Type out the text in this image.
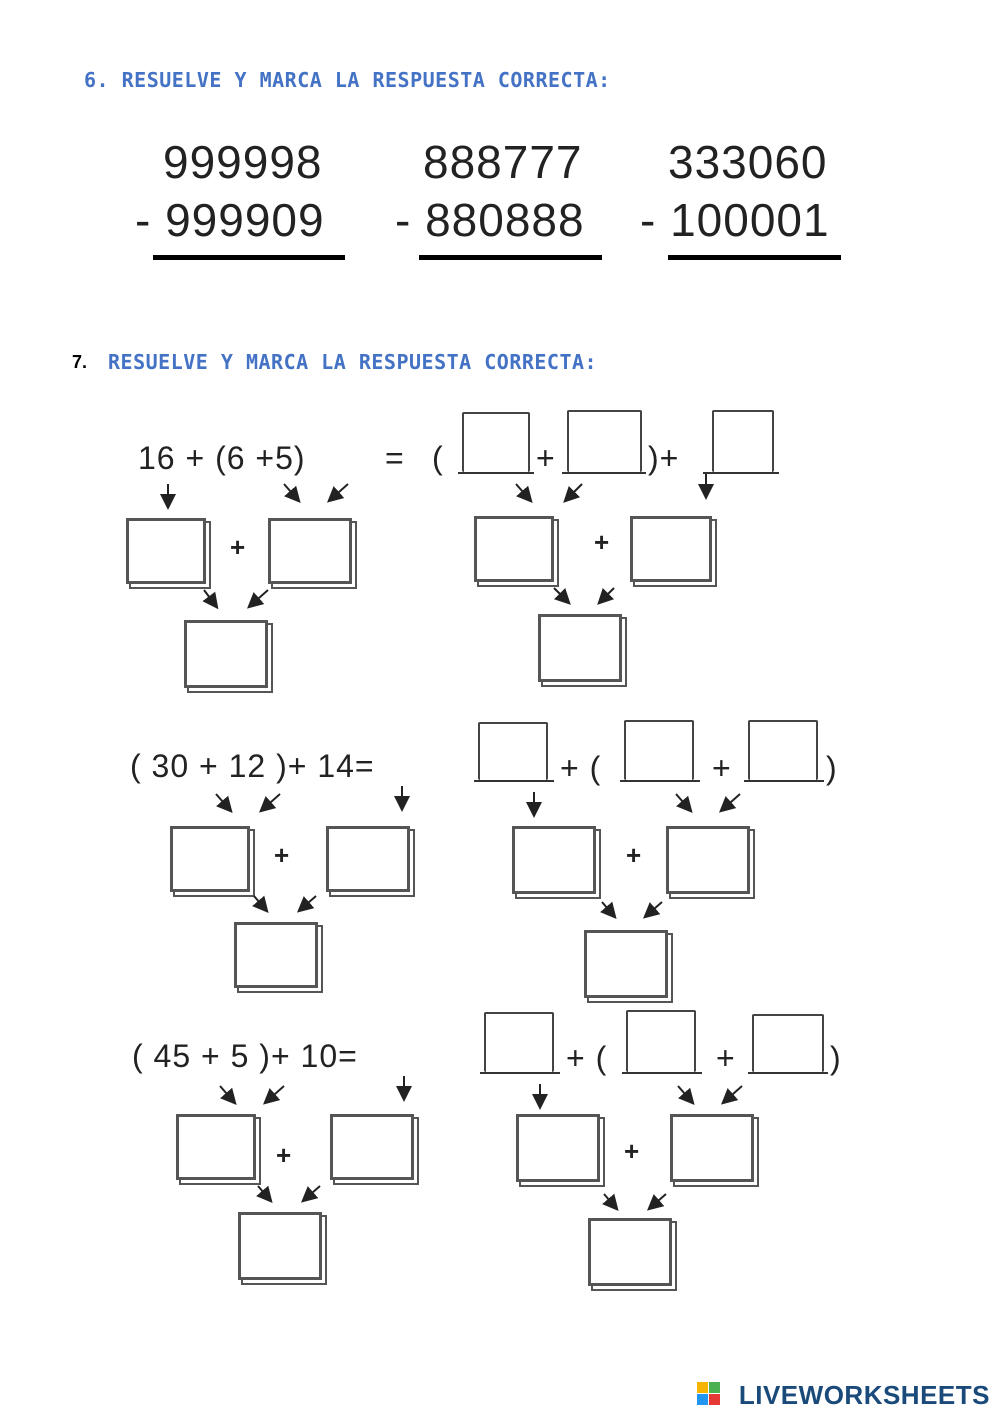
6. RESUELVE Y MARCA LA RESPUESTA CORRECTA:
999998
- 999909
888777
- 880888
333060
- 100001
7. RESUELVE Y MARCA LA RESPUESTA CORRECTA:
16 + (6 +5) = (	+	)+
+	+
( 30 + 12 )+ 14=	+ (	+	)
+	+
( 45 + 5 )+ 10=	+ (	+	)
+	+
LIVEWORKSHEETS
